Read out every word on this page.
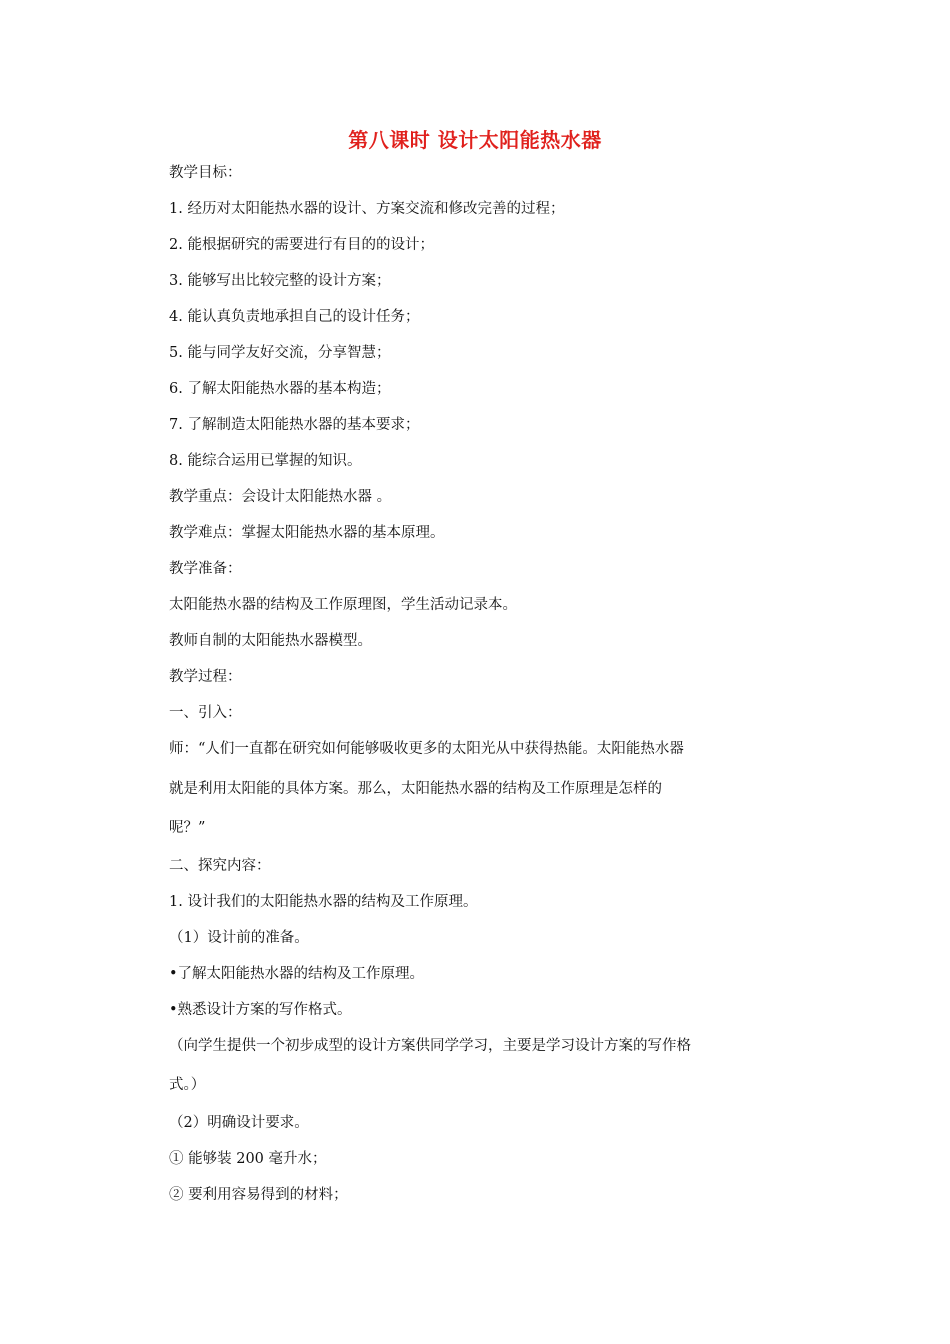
第八课时 设计太阳能热水器
教学目标：
1. 经历对太阳能热水器的设计、方案交流和修改完善的过程；
2. 能根据研究的需要进行有目的的设计；
3. 能够写出比较完整的设计方案；
4. 能认真负责地承担自己的设计任务；
5. 能与同学友好交流，分享智慧；
6. 了解太阳能热水器的基本构造；
7. 了解制造太阳能热水器的基本要求；
8. 能综合运用已掌握的知识。
教学重点：会设计太阳能热水器 。
教学难点：掌握太阳能热水器的基本原理。
教学准备：
太阳能热水器的结构及工作原理图，学生活动记录本。
教师自制的太阳能热水器模型。
教学过程：
一、引入：
师：“人们一直都在研究如何能够吸收更多的太阳光从中获得热能。太阳能热水器
就是利用太阳能的具体方案。那么，太阳能热水器的结构及工作原理是怎样的
呢？”
二、探究内容：
1. 设计我们的太阳能热水器的结构及工作原理。
（1）设计前的准备。
•了解太阳能热水器的结构及工作原理。
•熟悉设计方案的写作格式。
（向学生提供一个初步成型的设计方案供同学学习，主要是学习设计方案的写作格
式。）
（2）明确设计要求。
① 能够装 200 毫升水；
② 要利用容易得到的材料；
